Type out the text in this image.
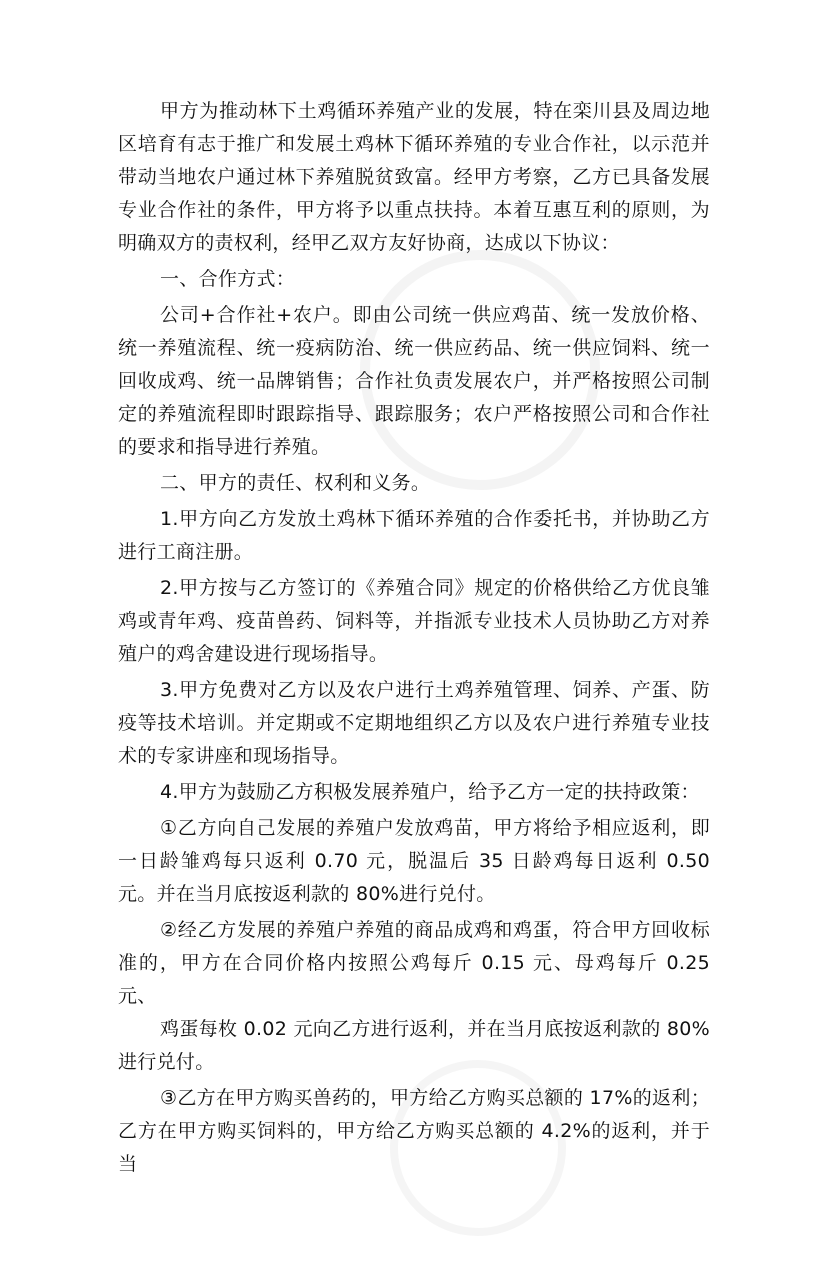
甲方为推动林下土鸡循环养殖产业的发展，特在栾川县及周边地区培育有志于推广和发展土鸡林下循环养殖的专业合作社，以示范并带动当地农户通过林下养殖脱贫致富。经甲方考察，乙方已具备发展专业合作社的条件，甲方将予以重点扶持。本着互惠互利的原则，为明确双方的责权利，经甲乙双方友好协商，达成以下协议：

一、合作方式：

公司+合作社+农户。即由公司统一供应鸡苗、统一发放价格、统一养殖流程、统一疫病防治、统一供应药品、统一供应饲料、统一回收成鸡、统一品牌销售；合作社负责发展农户，并严格按照公司制定的养殖流程即时跟踪指导、跟踪服务；农户严格按照公司和合作社的要求和指导进行养殖。

二、甲方的责任、权利和义务。

1.甲方向乙方发放土鸡林下循环养殖的合作委托书，并协助乙方进行工商注册。

2.甲方按与乙方签订的《养殖合同》规定的价格供给乙方优良雏鸡或青年鸡、疫苗兽药、饲料等，并指派专业技术人员协助乙方对养殖户的鸡舍建设进行现场指导。

3.甲方免费对乙方以及农户进行土鸡养殖管理、饲养、产蛋、防疫等技术培训。并定期或不定期地组织乙方以及农户进行养殖专业技术的专家讲座和现场指导。

4.甲方为鼓励乙方积极发展养殖户，给予乙方一定的扶持政策：

①乙方向自己发展的养殖户发放鸡苗，甲方将给予相应返利，即一日龄雏鸡每只返利 0.70 元，脱温后 35 日龄鸡每日返利 0.50 元。并在当月底按返利款的 80%进行兑付。

②经乙方发展的养殖户养殖的商品成鸡和鸡蛋，符合甲方回收标准的，甲方在合同价格内按照公鸡每斤 0.15 元、母鸡每斤 0.25 元、

鸡蛋每枚 0.02 元向乙方进行返利，并在当月底按返利款的 80%进行兑付。

③乙方在甲方购买兽药的，甲方给乙方购买总额的 17%的返利；乙方在甲方购买饲料的，甲方给乙方购买总额的 4.2%的返利，并于当
